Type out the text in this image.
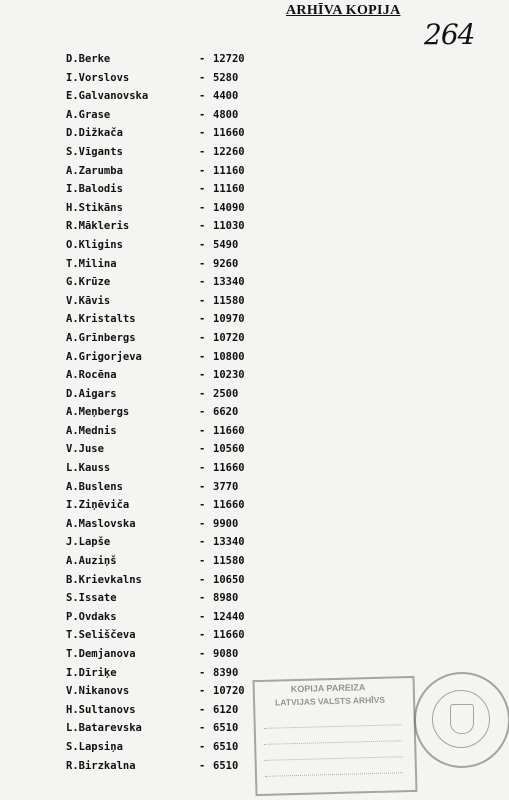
ARHĪVA KOPIJA
264
D.Berke	- 12720
I.Vorslovs	- 5280
E.Galvanovska	- 4400
A.Grase	- 4800
D.Dižkača	- 11660
S.Vīgants	- 12260
A.Zarumba	- 11160
I.Balodis	- 11160
H.Stikāns	- 14090
R.Mākleris	- 11030
O.Kligins	- 5490
T.Milina	- 9260
G.Krūze	- 13340
V.Kāvis	- 11580
A.Kristalts	- 10970
A.Grīnbergs	- 10720
A.Grigorjeva	- 10800
A.Rocēna	- 10230
D.Aigars	- 2500
A.Meņbergs	- 6620
A.Mednis	- 11660
V.Juse	- 10560
L.Kauss	- 11660
A.Buslens	- 3770
I.Ziņēviča	- 11660
A.Maslovska	- 9900
J.Lapše	- 13340
A.Auziņš	- 11580
B.Krievkalns	- 10650
S.Issate	- 8980
P.Ovdaks	- 12440
T.Seliščeva	- 11660
T.Demjanova	- 9080
I.Dīriķe	- 8390
V.Nikanovs	- 10720
H.Sultanovs	- 6120
L.Batarevska	- 6510
S.Lapsiņa	- 6510
R.Birzkalna	- 6510
KOPIJA PAREIZA
LATVIJAS VALSTS ARHĪVS
